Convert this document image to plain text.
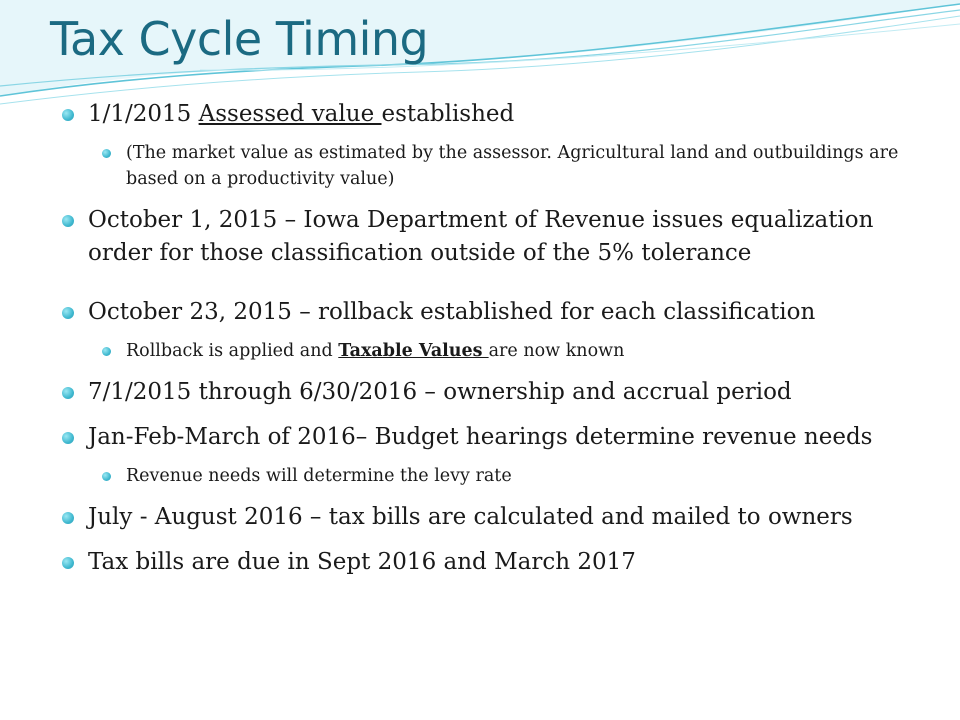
Tax Cycle Timing
1/1/2015 Assessed value established
(The market value as estimated by the assessor. Agricultural land and outbuildings are based on a productivity value)
October 1, 2015 – Iowa Department of Revenue issues equalization order for those classification outside of the 5% tolerance
October 23, 2015 – rollback established for each classification
Rollback is applied and Taxable Values are now known
7/1/2015 through 6/30/2016 – ownership and accrual period
Jan-Feb-March of 2016– Budget hearings determine revenue needs
Revenue needs will determine the levy rate
July - August 2016 – tax bills are calculated and mailed to owners
Tax bills are due in Sept 2016 and March 2017
